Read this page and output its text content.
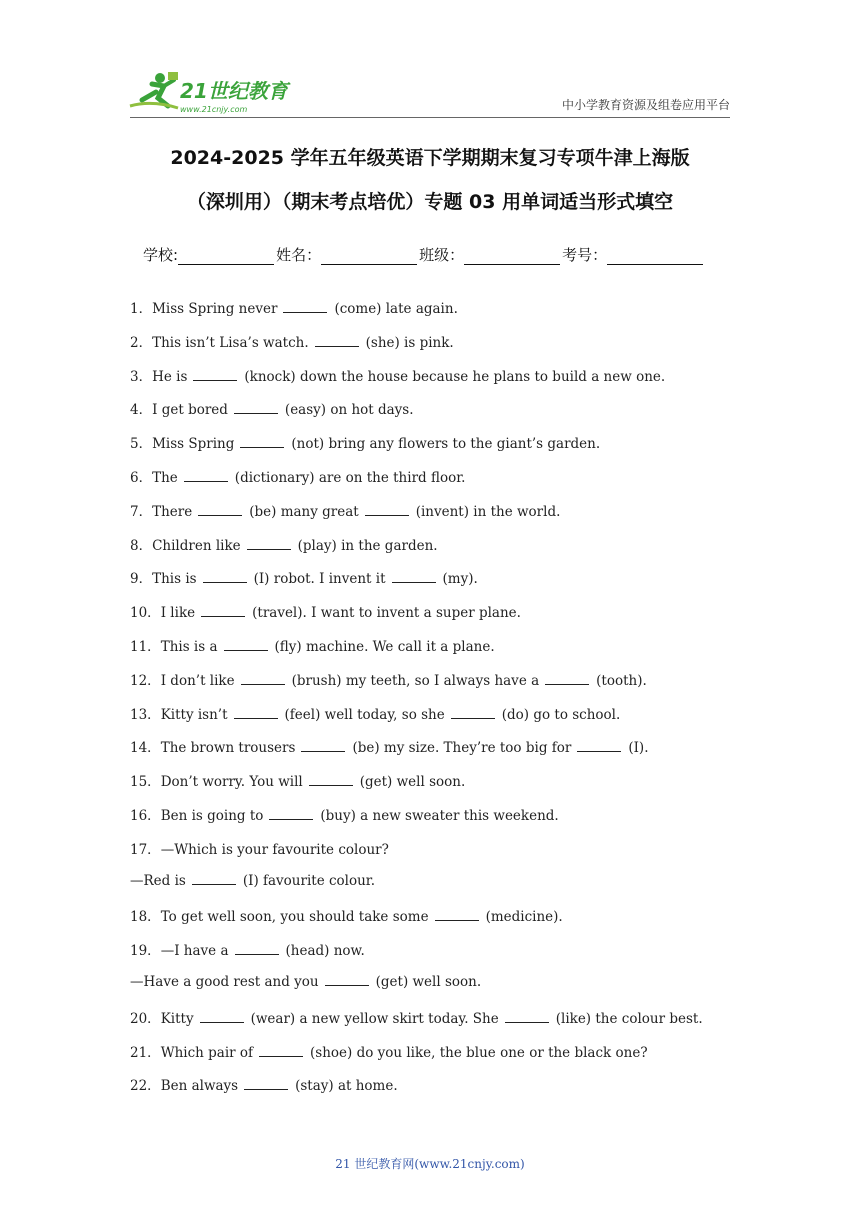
21世纪教育
www.21cnjy.com	中小学教育资源及组卷应用平台
2024-2025 学年五年级英语下学期期末复习专项牛津上海版
（深圳用）（期末考点培优）专题 03 用单词适当形式填空
学校:	姓名：	班级：	考号：
1．Miss Spring never	(come) late again.
2．This isn’t Lisa’s watch.	(she) is pink.
3．He is	(knock) down the house because he plans to build a new one.
4．I get bored	(easy) on hot days.
5．Miss Spring	(not) bring any flowers to the giant’s garden.
6．The	(dictionary) are on the third floor.
7．There	(be) many great	(invent) in the world.
8．Children like	(play) in the garden.
9．This is	(I) robot. I invent it	(my).
10．I like	(travel). I want to invent a super plane.
11．This is a	(fly) machine. We call it a plane.
12．I don’t like	(brush) my teeth, so I always have a	(tooth).
13．Kitty isn’t	(feel) well today, so she	(do) go to school.
14．The brown trousers	(be) my size. They’re too big for	(I).
15．Don’t worry. You will	(get) well soon.
16．Ben is going to	(buy) a new sweater this weekend.
17．—Which is your favourite colour?
—Red is	(I) favourite colour.
18．To get well soon, you should take some	(medicine).
19．—I have a	(head) now.
—Have a good rest and you	(get) well soon.
20．Kitty	(wear) a new yellow skirt today. She	(like) the colour best.
21．Which pair of	(shoe) do you like, the blue one or the black one?
22．Ben always	(stay) at home.
21 世纪教育网(www.21cnjy.com)
